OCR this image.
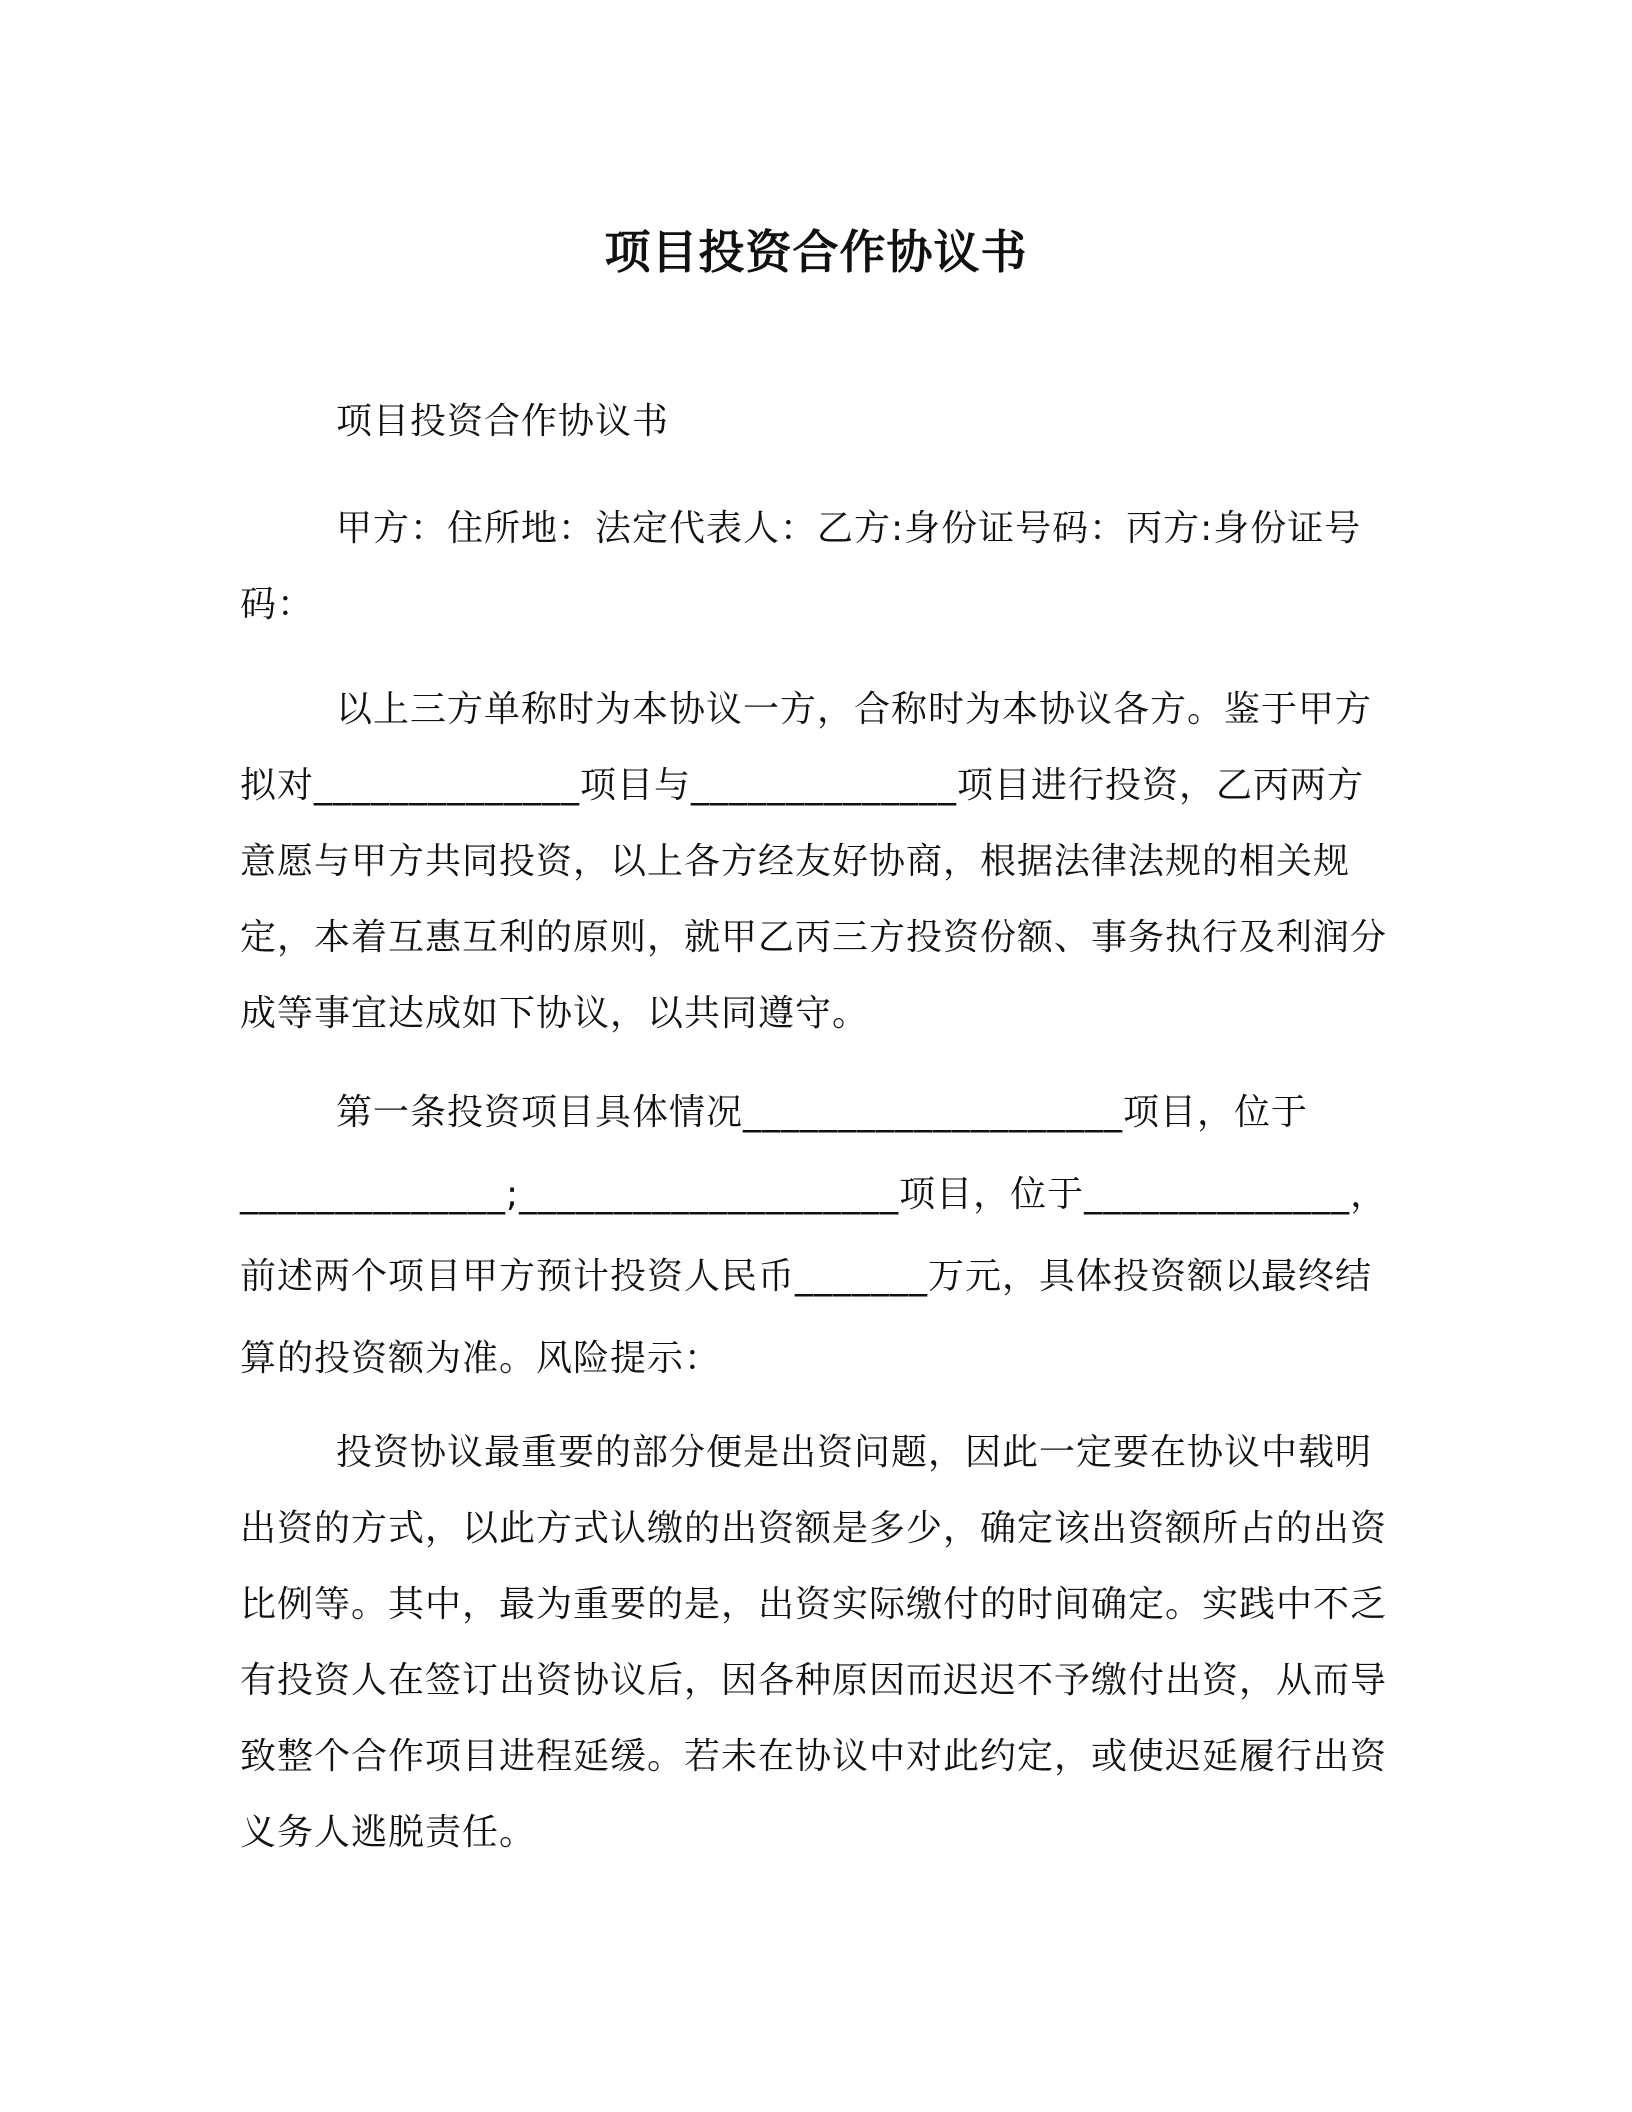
项目投资合作协议书

项目投资合作协议书

甲方：住所地：法定代表人：乙方:身份证号码：丙方:身份证号码：

以上三方单称时为本协议一方，合称时为本协议各方。鉴于甲方拟对______________项目与______________项目进行投资，乙丙两方意愿与甲方共同投资，以上各方经友好协商，根据法律法规的相关规定，本着互惠互利的原则，就甲乙丙三方投资份额、事务执行及利润分成等事宜达成如下协议，以共同遵守。

第一条投资项目具体情况____________________项目，位于______________;____________________项目，位于______________，前述两个项目甲方预计投资人民币_______万元，具体投资额以最终结算的投资额为准。风险提示：

投资协议最重要的部分便是出资问题，因此一定要在协议中载明出资的方式，以此方式认缴的出资额是多少，确定该出资额所占的出资比例等。其中，最为重要的是，出资实际缴付的时间确定。实践中不乏有投资人在签订出资协议后，因各种原因而迟迟不予缴付出资，从而导致整个合作项目进程延缓。若未在协议中对此约定，或使迟延履行出资义务人逃脱责任。
